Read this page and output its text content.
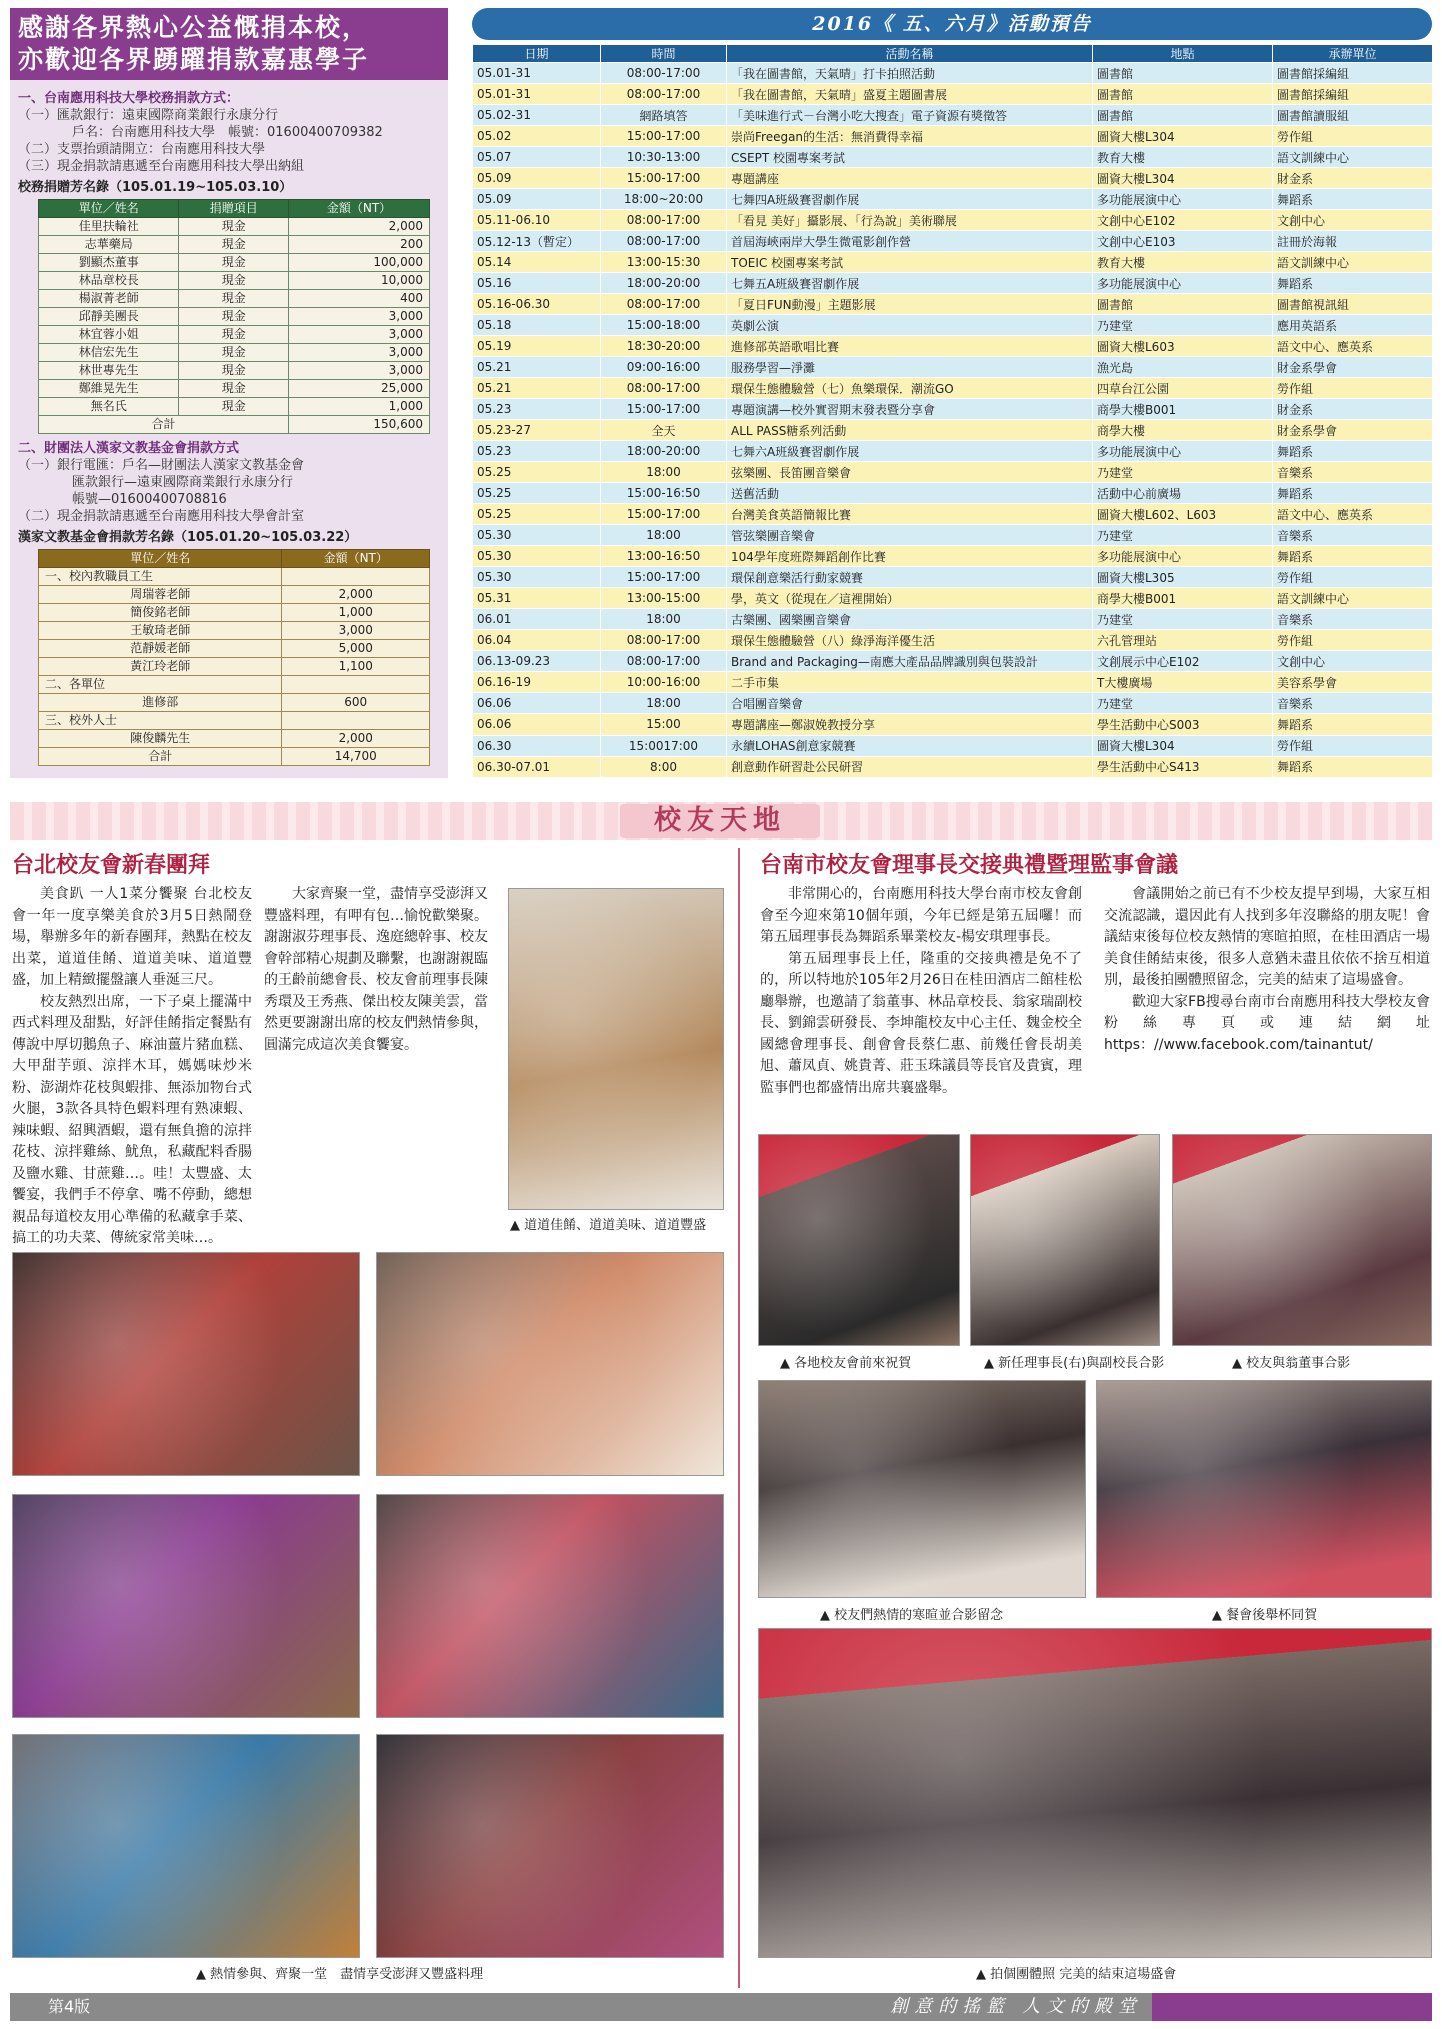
感謝各界熱心公益慨捐本校，
亦歡迎各界踴躍捐款嘉惠學子
一、台南應用科技大學校務捐款方式：
（一）匯款銀行：遠東國際商業銀行永康分行
戶名：台南應用科技大學　帳號：01600400709382
（二）支票抬頭請開立：台南應用科技大學
（三）現金捐款請惠遞至台南應用科技大學出納組
校務捐贈芳名錄（105.01.19~105.03.10）
單位／姓名	捐贈項目	金額（NT）
佳里扶輪社	現金	2,000
志華藥局	現金	200
劉顯杰董事	現金	100,000
林品章校長	現金	10,000
楊淑菁老師	現金	400
邱靜美團長	現金	3,000
林宜蓉小姐	現金	3,000
林信宏先生	現金	3,000
林世專先生	現金	3,000
鄭維晃先生	現金	25,000
無名氏	現金	1,000
合計		150,600
二、財團法人漢家文教基金會捐款方式
（一）銀行電匯：戶名—財團法人漢家文教基金會
匯款銀行—遠東國際商業銀行永康分行
帳號—01600400708816
（二）現金捐款請惠遞至台南應用科技大學會計室
漢家文教基金會捐款芳名錄（105.01.20~105.03.22）
單位／姓名	金額（NT）
一、校內教職員工生	
周瑞蓉老師	2,000
簡俊銘老師	1,000
王敏琦老師	3,000
范靜媛老師	5,000
黃江玲老師	1,100
二、各單位	
進修部	600
三、校外人士	
陳俊麟先生	2,000
合計	14,700
2016《 五、六月》活動預告
日期	時間	活動名稱	地點	承辦單位
05.01-31	08:00-17:00	「我在圖書館，天氣晴」打卡拍照活動	圖書館	圖書館採編組
05.01-31	08:00-17:00	「我在圖書館，天氣晴」盛夏主題圖書展	圖書館	圖書館採編組
05.02-31	網路填答	「美味進行式－台灣小吃大搜查」電子資源有獎徵答	圖書館	圖書館讀服組
05.02	15:00-17:00	崇尚Freegan的生活：無消費得幸福	圖資大樓L304	勞作組
05.07	10:30-13:00	CSEPT 校園專案考試	教育大樓	語文訓練中心
05.09	15:00-17:00	專題講座	圖資大樓L304	財金系
05.09	18:00~20:00	七舞四A班級賽習劇作展	多功能展演中心	舞蹈系
05.11-06.10	08:00-17:00	「看見 美好」攝影展、「行為說」美術聯展	文創中心E102	文創中心
05.12-13（暫定）	08:00-17:00	首屆海峽兩岸大學生微電影創作營	文創中心E103	註冊於海報
05.14	13:00-15:30	TOEIC 校園專案考試	教育大樓	語文訓練中心
05.16	18:00-20:00	七舞五A班級賽習劇作展	多功能展演中心	舞蹈系
05.16-06.30	08:00-17:00	「夏日FUN動漫」主題影展	圖書館	圖書館視訊組
05.18	15:00-18:00	英劇公演	乃建堂	應用英語系
05.19	18:30-20:00	進修部英語歌唱比賽	圖資大樓L603	語文中心、應英系
05.21	09:00-16:00	服務學習—淨灘	漁光島	財金系學會
05.21	08:00-17:00	環保生態體驗營（七）魚樂環保．潮流GO	四草台江公園	勞作組
05.23	15:00-17:00	專題演講—校外實習期末發表暨分享會	商學大樓B001	財金系
05.23-27	全天	ALL PASS糖系列活動	商學大樓	財金系學會
05.23	18:00-20:00	七舞六A班級賽習劇作展	多功能展演中心	舞蹈系
05.25	18:00	弦樂團、長笛團音樂會	乃建堂	音樂系
05.25	15:00-16:50	送舊活動	活動中心前廣場	舞蹈系
05.25	15:00-17:00	台灣美食英語簡報比賽	圖資大樓L602、L603	語文中心、應英系
05.30	18:00	管弦樂團音樂會	乃建堂	音樂系
05.30	13:00-16:50	104學年度班際舞蹈創作比賽	多功能展演中心	舞蹈系
05.30	15:00-17:00	環保創意樂活行動家競賽	圖資大樓L305	勞作組
05.31	13:00-15:00	學，英文（從現在／這裡開始）	商學大樓B001	語文訓練中心
06.01	18:00	古樂團、國樂團音樂會	乃建堂	音樂系
06.04	08:00-17:00	環保生態體驗營（八）綠淨海洋優生活	六孔管理站	勞作組
06.13-09.23	08:00-17:00	Brand and Packaging—南應大產品品牌識別與包裝設計	文創展示中心E102	文創中心
06.16-19	10:00-16:00	二手市集	T大樓廣場	美容系學會
06.06	18:00	合唱團音樂會	乃建堂	音樂系
06.06	15:00	專題講座—鄭淑娩教授分享	學生活動中心S003	舞蹈系
06.30	15:0017:00	永續LOHAS創意家競賽	圖資大樓L304	勞作組
06.30-07.01	8:00	創意動作研習赴公民研習	學生活動中心S413	舞蹈系
校友天地
台北校友會新春團拜

美食趴 一人1菜分饗聚 台北校友會一年一度享樂美食於3月5日熱鬧登場，舉辦多年的新春團拜，熱點在校友出菜，道道佳餚、道道美味、道道豐盛，加上精緻擺盤讓人垂涎三尺。

校友熱烈出席，一下子桌上擺滿中西式料理及甜點，好評佳餚指定餐點有傳說中厚切鵝魚子、麻油薑片豬血糕、大甲甜芋頭、涼拌木耳，媽媽味炒米粉、澎湖炸花枝與蝦排、無添加物台式火腿，3款各具特色蝦料理有熟凍蝦、辣味蝦、紹興酒蝦，還有無負擔的涼拌花枝、涼拌雞絲、魷魚，私藏配料香腸及鹽水雞、甘蔗雞…。哇！太豐盛、太饗宴，我們手不停拿、嘴不停動，總想親品每道校友用心準備的私藏拿手菜、搞工的功夫菜、傳統家常美味…。

大家齊聚一堂，盡情享受澎湃又豐盛料理，有呷有包…愉悅歡樂聚。謝謝淑芬理事長、逸庭總幹事、校友會幹部精心規劃及聯繫，也謝謝親臨的王齡前總會長、校友會前理事長陳秀環及王秀燕、傑出校友陳美雲，當然更要謝謝出席的校友們熱情參與，圓滿完成這次美食饗宴。

▲ 道道佳餚、道道美味、道道豐盛
▲ 熱情參與、齊聚一堂　盡情享受澎湃又豐盛料理
台南市校友會理事長交接典禮暨理監事會議

非常開心的，台南應用科技大學台南市校友會創會至今迎來第10個年頭，今年已經是第五屆囉！而第五屆理事長為舞蹈系畢業校友-楊安琪理事長。

第五屆理事長上任，隆重的交接典禮是免不了的，所以特地於105年2月26日在桂田酒店二館桂松廳舉辦，也邀請了翁董事、林品章校長、翁家瑞副校長、劉錦雲研發長、李坤龍校友中心主任、魏金校全國總會理事長、創會會長蔡仁惠、前幾任會長胡美旭、蕭凤貞、姚貴菁、莊玉珠議員等長官及貴賓，理監事們也都盛情出席共襄盛舉。

會議開始之前已有不少校友提早到場，大家互相交流認識，還因此有人找到多年沒聯絡的朋友呢！會議結束後每位校友熱情的寒暄拍照，在桂田酒店一場美食佳餚結束後，很多人意猶未盡且依依不捨互相道別，最後拍團體照留念，完美的結束了這場盛會。

歡迎大家FB搜尋台南市台南應用科技大學校友會粉絲專頁或連結網址https：//www.facebook.com/tainantut/

▲ 各地校友會前來祝賀	▲ 新任理事長(右)與副校長合影	▲ 校友與翁董事合影
▲ 校友們熱情的寒暄並合影留念	▲ 餐會後舉杯同賀
▲ 拍個團體照 完美的結束這場盛會
第4版	創意的搖籃 人文的殿堂
